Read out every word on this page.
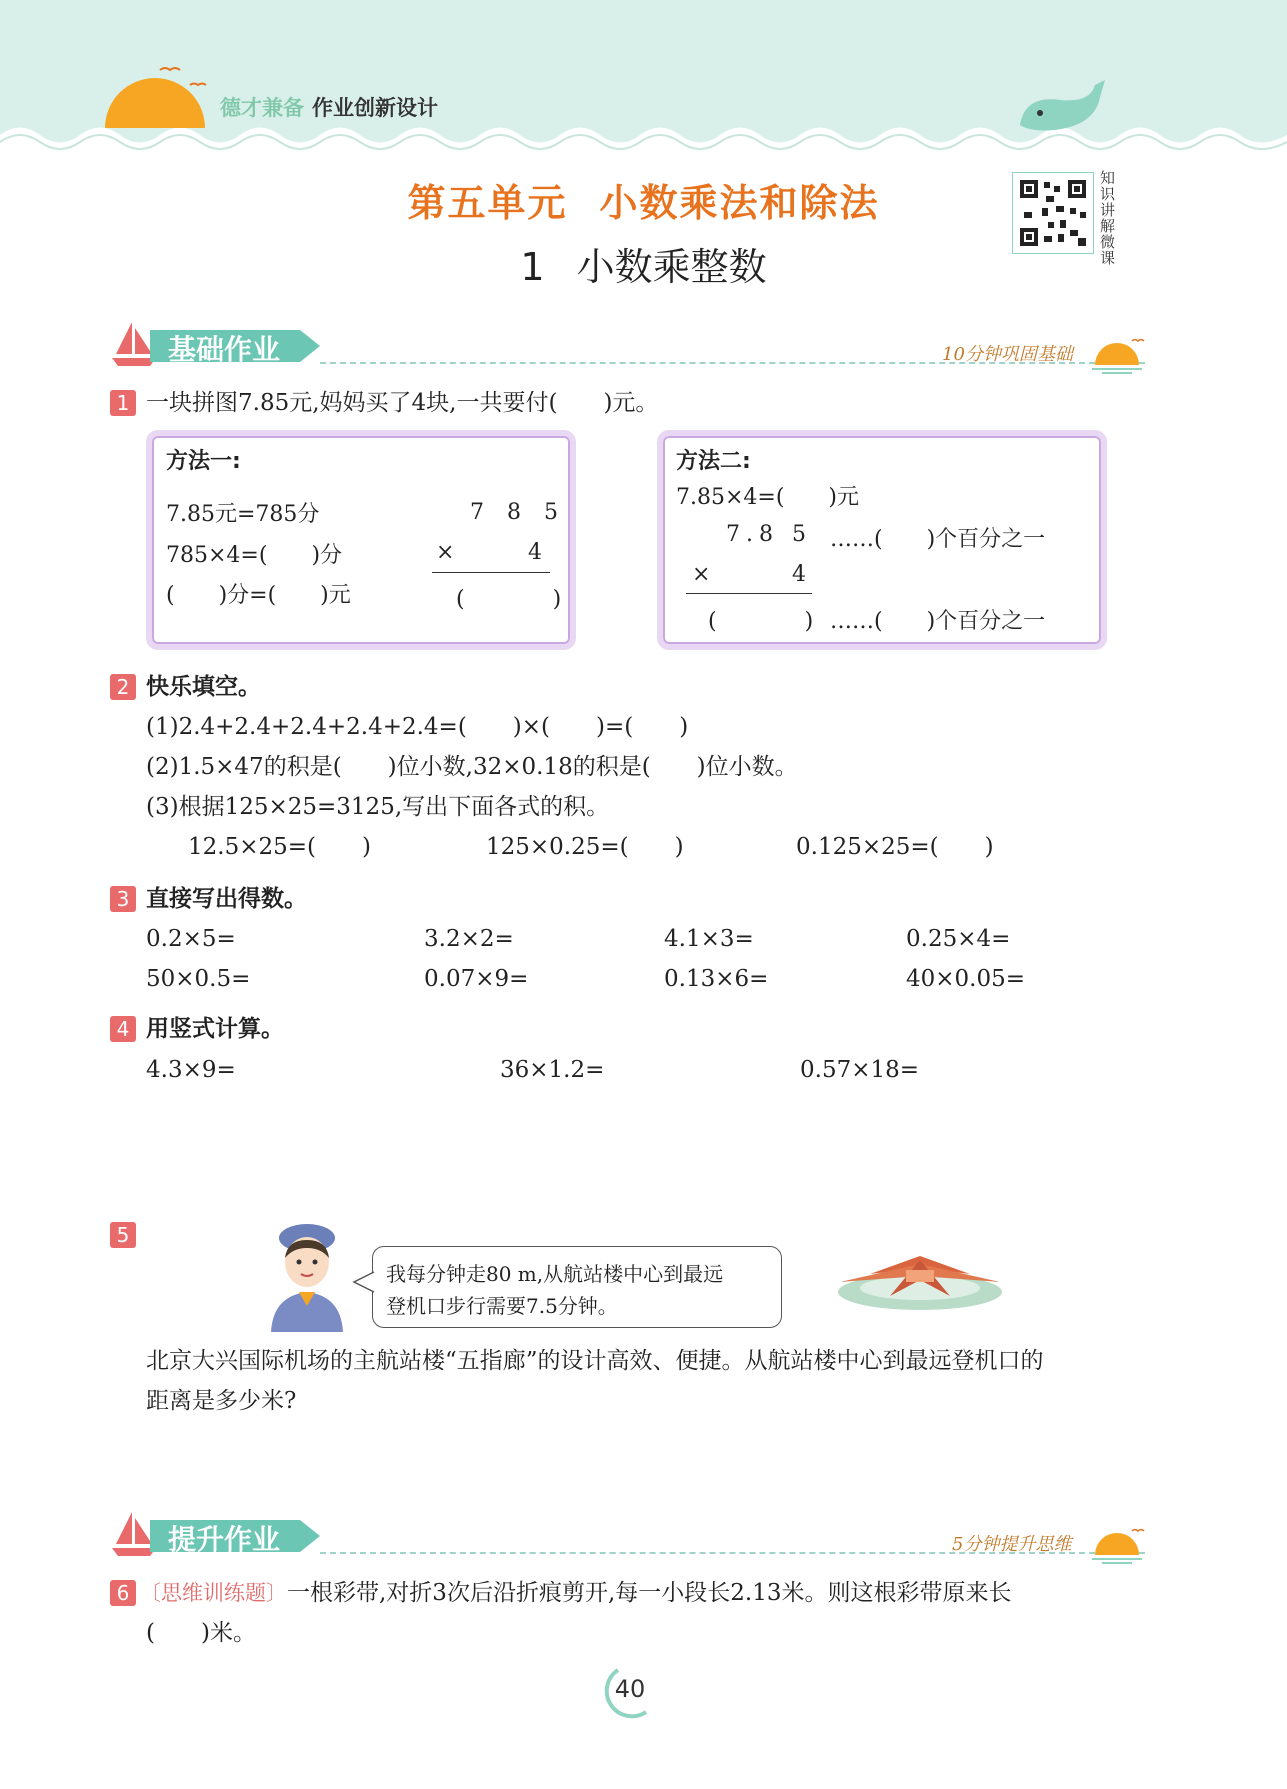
德才兼备 作业创新设计
第五单元 小数乘法和除法
1 小数乘整数
知识讲解微课
基础作业	10分钟巩固基础
1 一块拼图7.85元,妈妈买了4块,一共要付(　　)元。
方法一:
7.85元=785分
785×4=(　　)分
(　　)分=(　　)元
7 8 5
×	4
(　　　　)
方法二:
7.85×4=(　　)元
7.8 5 ……(　　)个百分之一
×	4
(　　　　) ……(　　)个百分之一
2 快乐填空。
(1)2.4+2.4+2.4+2.4+2.4=(　　)×(　　)=(　　)
(2)1.5×47的积是(　　)位小数,32×0.18的积是(　　)位小数。
(3)根据125×25=3125,写出下面各式的积。
12.5×25=(　　)	125×0.25=(　　)	0.125×25=(　　)
3 直接写出得数。
0.2×5=	3.2×2=	4.1×3=	0.25×4=
50×0.5=	0.07×9=	0.13×6=	40×0.05=
4 用竖式计算。
4.3×9=	36×1.2=	0.57×18=
5
我每分钟走80 m,从航站楼中心到最远
登机口步行需要7.5分钟。
北京大兴国际机场的主航站楼“五指廊”的设计高效、便捷。从航站楼中心到最远登机口的
距离是多少米?
提升作业	5分钟提升思维
6 〔思维训练题〕一根彩带,对折3次后沿折痕剪开,每一小段长2.13米。则这根彩带原来长
(　　)米。
40
